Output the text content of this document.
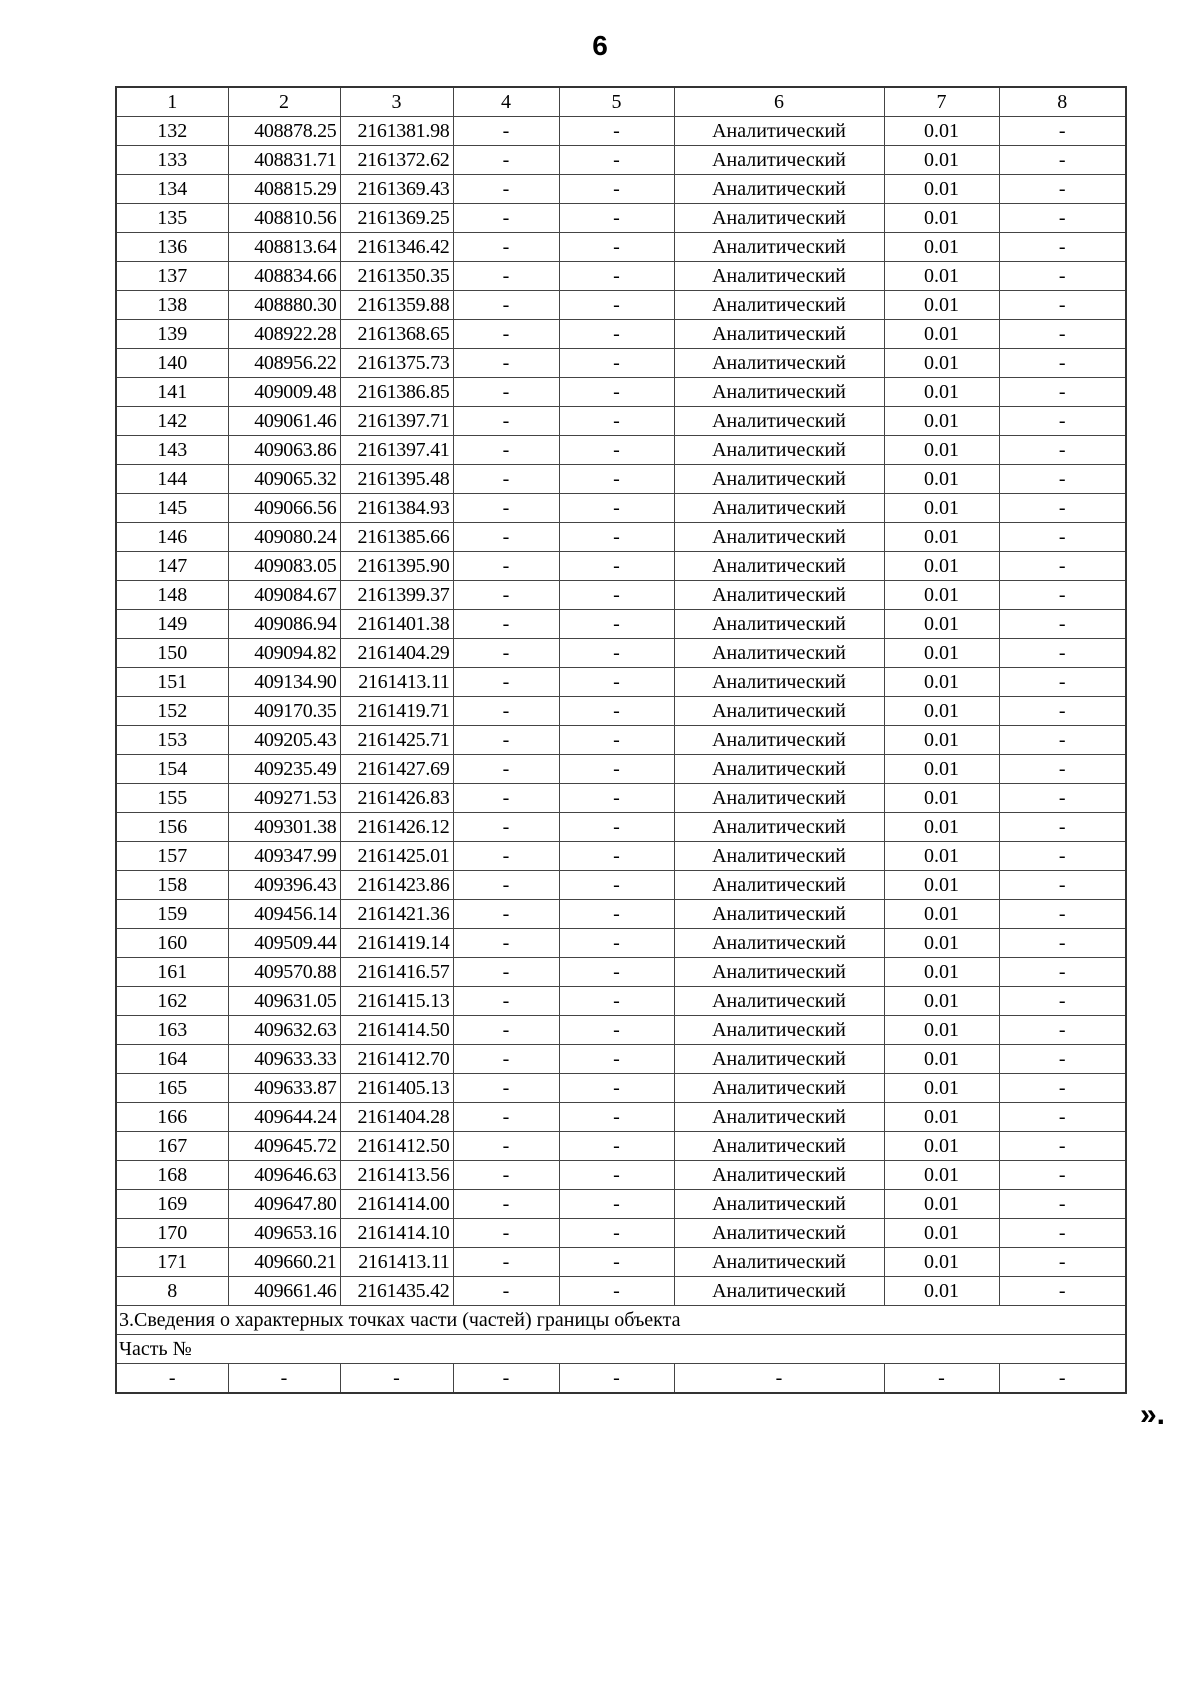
6
1	2	3	4	5	6	7	8
132	408878.25	2161381.98	-	-	Аналитический	0.01	-
133	408831.71	2161372.62	-	-	Аналитический	0.01	-
134	408815.29	2161369.43	-	-	Аналитический	0.01	-
135	408810.56	2161369.25	-	-	Аналитический	0.01	-
136	408813.64	2161346.42	-	-	Аналитический	0.01	-
137	408834.66	2161350.35	-	-	Аналитический	0.01	-
138	408880.30	2161359.88	-	-	Аналитический	0.01	-
139	408922.28	2161368.65	-	-	Аналитический	0.01	-
140	408956.22	2161375.73	-	-	Аналитический	0.01	-
141	409009.48	2161386.85	-	-	Аналитический	0.01	-
142	409061.46	2161397.71	-	-	Аналитический	0.01	-
143	409063.86	2161397.41	-	-	Аналитический	0.01	-
144	409065.32	2161395.48	-	-	Аналитический	0.01	-
145	409066.56	2161384.93	-	-	Аналитический	0.01	-
146	409080.24	2161385.66	-	-	Аналитический	0.01	-
147	409083.05	2161395.90	-	-	Аналитический	0.01	-
148	409084.67	2161399.37	-	-	Аналитический	0.01	-
149	409086.94	2161401.38	-	-	Аналитический	0.01	-
150	409094.82	2161404.29	-	-	Аналитический	0.01	-
151	409134.90	2161413.11	-	-	Аналитический	0.01	-
152	409170.35	2161419.71	-	-	Аналитический	0.01	-
153	409205.43	2161425.71	-	-	Аналитический	0.01	-
154	409235.49	2161427.69	-	-	Аналитический	0.01	-
155	409271.53	2161426.83	-	-	Аналитический	0.01	-
156	409301.38	2161426.12	-	-	Аналитический	0.01	-
157	409347.99	2161425.01	-	-	Аналитический	0.01	-
158	409396.43	2161423.86	-	-	Аналитический	0.01	-
159	409456.14	2161421.36	-	-	Аналитический	0.01	-
160	409509.44	2161419.14	-	-	Аналитический	0.01	-
161	409570.88	2161416.57	-	-	Аналитический	0.01	-
162	409631.05	2161415.13	-	-	Аналитический	0.01	-
163	409632.63	2161414.50	-	-	Аналитический	0.01	-
164	409633.33	2161412.70	-	-	Аналитический	0.01	-
165	409633.87	2161405.13	-	-	Аналитический	0.01	-
166	409644.24	2161404.28	-	-	Аналитический	0.01	-
167	409645.72	2161412.50	-	-	Аналитический	0.01	-
168	409646.63	2161413.56	-	-	Аналитический	0.01	-
169	409647.80	2161414.00	-	-	Аналитический	0.01	-
170	409653.16	2161414.10	-	-	Аналитический	0.01	-
171	409660.21	2161413.11	-	-	Аналитический	0.01	-
8	409661.46	2161435.42	-	-	Аналитический	0.01	-
3.Сведения о характерных точках части (частей) границы объекта							
Часть №							
-	-	-	-	-	-	-	-
».
